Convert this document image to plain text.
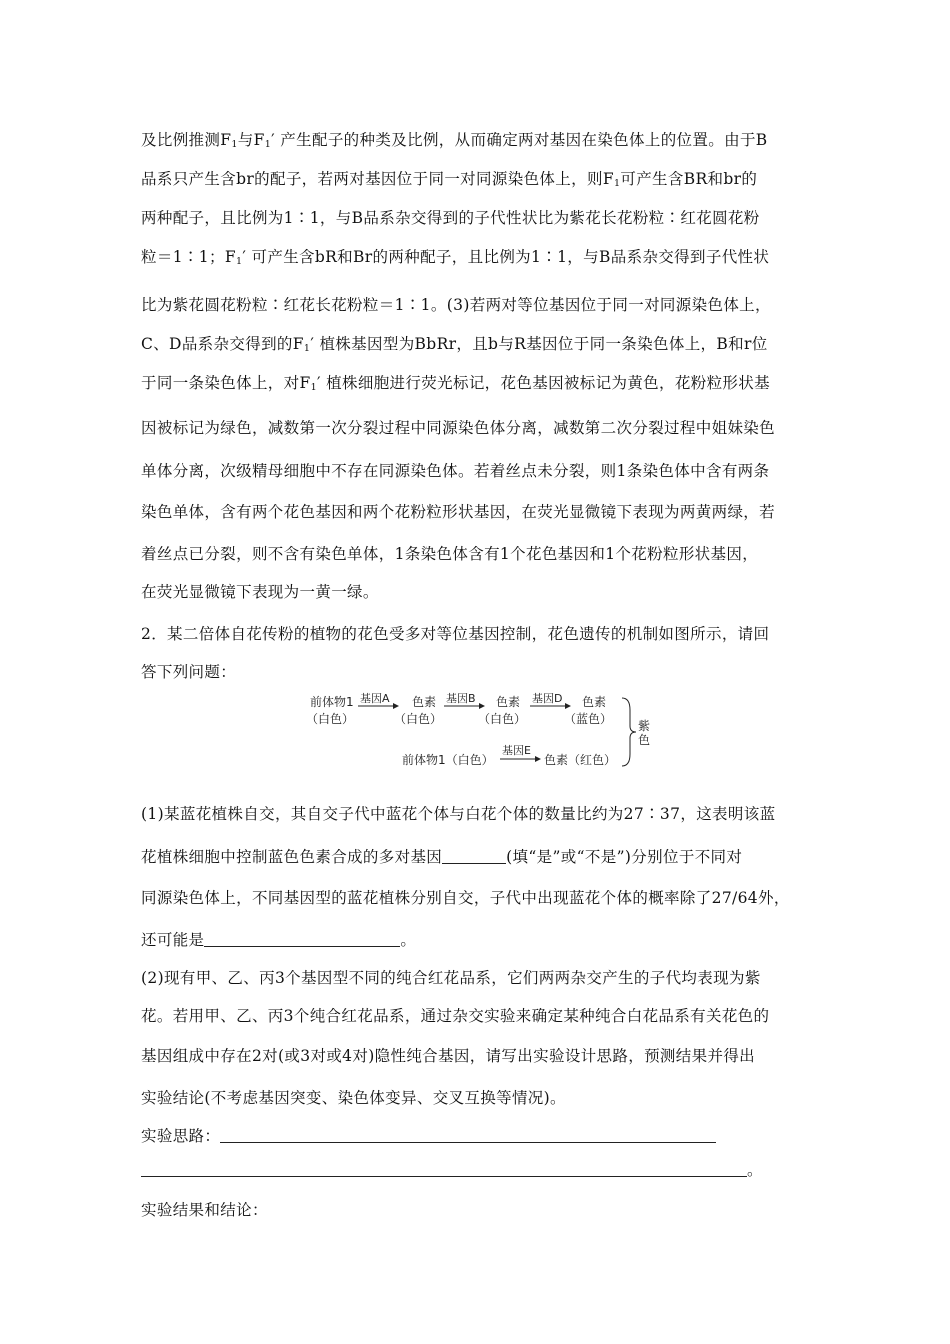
及比例推测$F_1$与$F_1'$ 产生配子的种类及比例，从而确定两对基因在染色体上的位置。由于B
品系只产生含br的配子，若两对基因位于同一对同源染色体上，则$F_1$可产生含BR和br的
两种配子，且比例为1∶1，与B品系杂交得到的子代性状比为紫花长花粉粒∶红花圆花粉
粒＝1∶1；$F_1'$ 可产生含bR和Br的两种配子，且比例为1∶1，与B品系杂交得到子代性状
比为紫花圆花粉粒∶红花长花粉粒＝1∶1。(3)若两对等位基因位于同一对同源染色体上，
C、D品系杂交得到的$F_1'$ 植株基因型为BbRr，且b与R基因位于同一条染色体上，B和r位
于同一条染色体上，对$F_1'$ 植株细胞进行荧光标记，花色基因被标记为黄色，花粉粒形状基
因被标记为绿色，减数第一次分裂过程中同源染色体分离，减数第二次分裂过程中姐妹染色
单体分离，次级精母细胞中不存在同源染色体。若着丝点未分裂，则1条染色体中含有两条
染色单体，含有两个花色基因和两个花粉粒形状基因，在荧光显微镜下表现为两黄两绿，若
着丝点已分裂，则不含有染色单体，1条染色体含有1个花色基因和1个花粉粒形状基因，
在荧光显微镜下表现为一黄一绿。
2．某二倍体自花传粉的植物的花色受多对等位基因控制，花色遗传的机制如图所示，请回
答下列问题：
前体物1
（白色）
基因A 色素
（白色）
基因B 色素
（白色）
基因D 色素
（蓝色） 紫
色
前体物1（白色）
基因E
色素（红色）
(1)某蓝花植株自交，其自交子代中蓝花个体与白花个体的数量比约为27∶37，这表明该蓝
花植株细胞中控制蓝色色素合成的多对基因	(填“是”或“不是”)分别位于不同对
同源染色体上，不同基因型的蓝花植株分别自交，子代中出现蓝花个体的概率除了27/64外，
还可能是	。
(2)现有甲、乙、丙3个基因型不同的纯合红花品系，它们两两杂交产生的子代均表现为紫
花。若用甲、乙、丙3个纯合红花品系，通过杂交实验来确定某种纯合白花品系有关花色的
基因组成中存在2对(或3对或4对)隐性纯合基因，请写出实验设计思路，预测结果并得出
实验结论(不考虑基因突变、染色体变异、交叉互换等情况)。
实验思路：
。
实验结果和结论：
